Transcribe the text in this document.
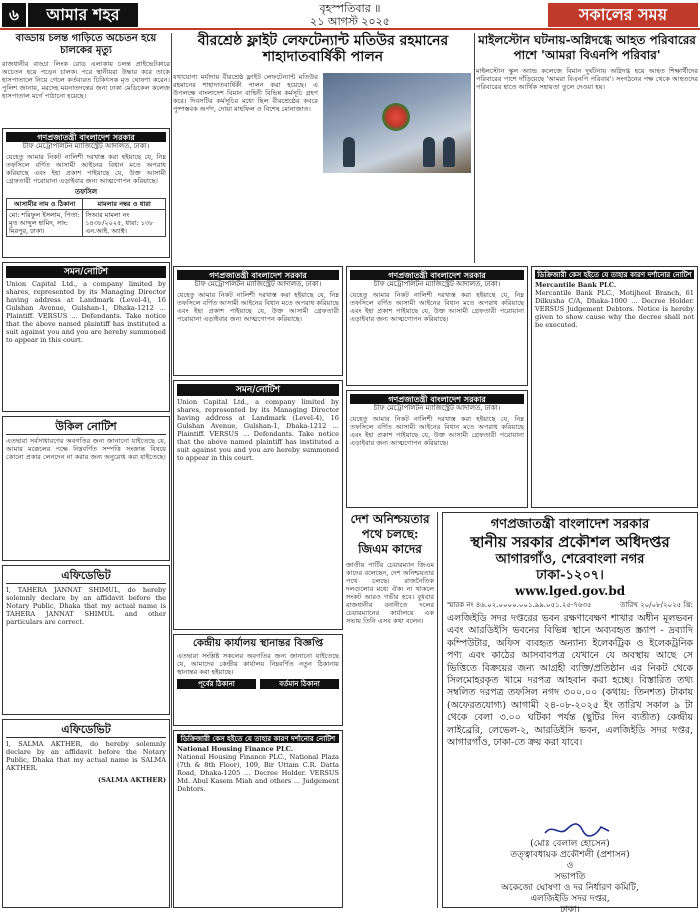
৬	আমার শহর	বৃহস্পতিবার ॥
২১ আগস্ট ২০২৫	সকালের সময়
বাড্ডায় চলন্ত গাড়িতে অচেতন হয়ে চালকের মৃত্যু
রাজধানীর বাড্ডা লিংক রোড এলাকায় চলন্ত প্রাইভেটকারে অচেতন হয়ে পড়েন চালক। পরে স্থানীয়রা উদ্ধার করে তাকে হাসপাতালে নিয়ে গেলে কর্তব্যরত চিকিৎসক মৃত ঘোষণা করেন। পুলিশ জানায়, মরদেহ ময়নাতদন্তের জন্য ঢাকা মেডিকেল কলেজ হাসপাতাল মর্গে পাঠানো হয়েছে।
বীরশ্রেষ্ঠ ফ্লাইট লেফটেন্যান্ট মতিউর রহমানের শাহাদাতবার্ষিকী পালন
যথাযোগ্য মর্যাদায় বীরশ্রেষ্ঠ ফ্লাইট লেফটেন্যান্ট মতিউর রহমানের শাহাদাতবার্ষিকী পালন করা হয়েছে। এ উপলক্ষে বাংলাদেশ বিমান বাহিনী বিভিন্ন কর্মসূচি গ্রহণ করে। দিবসটির কর্মসূচির মধ্যে ছিল বীরশ্রেষ্ঠের কবরে পুষ্পস্তবক অর্পণ, দোয়া মাহফিল ও বিশেষ মোনাজাত।
মাইলস্টোন ঘটনায়-অগ্নিদগ্ধে আহত পরিবারের পাশে 'আমরা বিএনপি পরিবার'
মাইলস্টোন স্কুল অ্যান্ড কলেজে বিমান দুর্ঘটনায় অগ্নিদগ্ধ হয়ে আহত শিক্ষার্থীদের পরিবারের পাশে দাঁড়িয়েছে 'আমরা বিএনপি পরিবার'। সংগঠনের পক্ষ থেকে আহতদের পরিবারের হাতে আর্থিক সহায়তা তুলে দেওয়া হয়।
গণপ্রজাতন্ত্রী বাংলাদেশ সরকার
চীফ মেট্রোপলিটন ম্যাজিস্ট্রেট আদালত, ঢাকা।
যেহেতু আমার নিকট নালিশী দরখাস্ত করা হইয়াছে যে, নিম্ন তফসিলে বর্ণিত আসামী আইনের বিধান মতে অপরাধ করিয়াছে এবং ইহা প্রকাশ পাইয়াছে যে, উক্ত আসামী গ্রেফতারী পরোয়ানা এড়াইবার জন্য আত্মগোপন করিয়াছে।
তফসিল
আসামীর নাম ও ঠিকানা	মামলার নম্বর ও ধারা
মো: শরিফুল ইসলাম, পিতা: মৃত আব্দুল হামিদ, সাং: মিরপুর, ঢাকা।	সিআর মামলা নং ১৪৩৮/২০২৫, ধারা: ১৩৮ এন.আই. অ্যাক্ট।
সমন/নোটিশ
Union Capital Ltd., a company limited by shares, represented by its Managing Director having address at Landmark (Level-4), 16 Gulshan Avenue, Gulshan-1, Dhaka-1212 ... Plaintiff. VERSUS ... Defendants. Take notice that the above named plaintiff has instituted a suit against you and you are hereby summoned to appear in this court.
উকিল নোটিশ
এতদ্বারা সর্বসাধারণের অবগতির জন্য জানানো যাইতেছে যে, আমার মক্কেলের পক্ষে নিম্নবর্ণিত সম্পত্তি সংক্রান্ত বিষয়ে কোনো প্রকার লেনদেন না করার জন্য অনুরোধ করা যাইতেছে।
এফিডেভিট
I, TAHERA JANNAT SHIMUL, do hereby solemnly declare by an affidavit before the Notary Public, Dhaka that my actual name is TAHERA JANNAT SHIMUL and other particulars are correct.
এফিডেভিট
I, SALMA AKTHER, do hereby solemnly declare by an affidavit before the Notary Public, Dhaka that my actual name is SALMA AKTHER.
(SALMA AKTHER)
গণপ্রজাতন্ত্রী বাংলাদেশ সরকার
চীফ মেট্রোপলিটন ম্যাজিস্ট্রেট আদালত, ঢাকা।
যেহেতু আমার নিকট নালিশী দরখাস্ত করা হইয়াছে যে, নিম্ন তফসিলে বর্ণিত আসামী আইনের বিধান মতে অপরাধ করিয়াছে এবং ইহা প্রকাশ পাইয়াছে যে, উক্ত আসামী গ্রেফতারী পরোয়ানা এড়াইবার জন্য আত্মগোপন করিয়াছে।
সমন/নোটিশ
Union Capital Ltd., a company limited by shares, represented by its Managing Director having address at Landmark (Level-4), 16 Gulshan Avenue, Gulshan-1, Dhaka-1212 ... Plaintiff. VERSUS ... Defendants. Take notice that the above named plaintiff has instituted a suit against you and you are hereby summoned to appear in this court.
কেন্দ্রীয় কার্যালয় স্থানান্তর বিজ্ঞপ্তি
এতদ্বারা সংশ্লিষ্ট সকলের অবগতির জন্য জানানো যাইতেছে যে, আমাদের কেন্দ্রীয় কার্যালয় নিম্নবর্ণিত নতুন ঠিকানায় স্থানান্তর করা হইয়াছে।
পূর্বের ঠিকানা	বর্তমান ঠিকানা
ডিক্রিজারী কেস হইতে যে তাহার কারণ দর্শানোর নোটিশ
National Housing Finance PLC.
National Housing Finance PLC., National Plaza (7th & 8th Floor), 109, Bir Uttam C.R. Datta Road, Dhaka-1205 ... Decree Holder. VERSUS Md. Abul Kasem Miah and others ... Judgement Debtors.
গণপ্রজাতন্ত্রী বাংলাদেশ সরকার
চীফ মেট্রোপলিটন ম্যাজিস্ট্রেট আদালত, ঢাকা।
যেহেতু আমার নিকট নালিশী দরখাস্ত করা হইয়াছে যে, নিম্ন তফসিলে বর্ণিত আসামী আইনের বিধান মতে অপরাধ করিয়াছে এবং ইহা প্রকাশ পাইয়াছে যে, উক্ত আসামী গ্রেফতারী পরোয়ানা এড়াইবার জন্য আত্মগোপন করিয়াছে।
গণপ্রজাতন্ত্রী বাংলাদেশ সরকার
চীফ মেট্রোপলিটন ম্যাজিস্ট্রেট আদালত, ঢাকা।
যেহেতু আমার নিকট নালিশী দরখাস্ত করা হইয়াছে যে, নিম্ন তফসিলে বর্ণিত আসামী আইনের বিধান মতে অপরাধ করিয়াছে এবং ইহা প্রকাশ পাইয়াছে যে, উক্ত আসামী গ্রেফতারী পরোয়ানা এড়াইবার জন্য আত্মগোপন করিয়াছে।
ডিক্রিজারী কেস হইতে যে তাহার কারণ দর্শানোর নোটিশ
Mercantile Bank PLC.
Mercantile Bank PLC., Motijheel Branch, 61 Dilkusha C/A, Dhaka-1000 ... Decree Holder. VERSUS Judgement Debtors. Notice is hereby given to show cause why the decree shall not be executed.
দেশ অনিশ্চয়তার পথে চলছে: জিএম কাদের
জাতীয় পার্টির চেয়ারম্যান জিএম কাদের বলেছেন, দেশ অনিশ্চয়তার পথে চলছে। রাজনৈতিক দলগুলোর মধ্যে ঐক্য না থাকলে সংকট আরও গভীর হবে। বুধবার রাজধানীর বনানীতে দলের চেয়ারম্যানের কার্যালয়ে এক সভায় তিনি এসব কথা বলেন।
গণপ্রজাতন্ত্রী বাংলাদেশ সরকার
স্থানীয় সরকার প্রকৌশল অধিদপ্তর
আগারগাঁও, শেরেবাংলা নগর
ঢাকা-১২০৭।
www.lged.gov.bd
স্মারক নং ৪৬.০২.০০০০.০০১.৯৯.০৫১.২৫-৭৬৩৫	তারিখ ২০/০৮/২০২৫ খ্রি:
এলজিইডি সদর দপ্তরের ভবন রক্ষণাবেক্ষণ শাখার অধীন মূলভবন এবং আরডিইসি ভবনের বিভিন্ন স্থানে অব্যবহৃত স্ক্র্যাপ - দ্রব্যাদি কম্পিউটার, অফিস ব্যবহৃত অন্যান্য ইলেকট্রিক ও ইলেকট্রনিক পণ্য এবং কাঠের আসবাবপত্র যেখানে যে অবস্থায় আছে সে ভিত্তিতে বিক্রয়ের জন্য আগ্রহী ব্যক্তি/প্রতিষ্ঠান এর নিকট থেকে সিলমোহরকৃত খামে দরপত্র আহবান করা হচ্ছে। বিস্তারিত তথ্য সম্বলিত দরপত্র তফসিল নগদ ৩০০.০০ (কথায়: তিনশত) টাকায় (অফেরতযোগ্য) আগামী ২৪-০৮-২০২৫ ইং তারিখ সকাল ৯ টা থেকে বেলা ৩.০০ ঘটিকা পর্যন্ত (ছুটির দিন ব্যতীত) কেন্দ্রীয় লাইব্রেরি, লেভেল-২, আরডিইসি ভবন, এলজিইডি সদর দপ্তর, আগারগাঁও, ঢাকা-তে ক্রয় করা যাবে।
(মোঃ বেলাল হোসেন)
তত্ত্বাবধায়ক প্রকৌশলী (প্রশাসন)
ও
সভাপতি
অকেজো ঘোষণা ও দর নির্ধারণ কমিটি,
এলজিইডি সদর দপ্তর,
ঢাকা।
